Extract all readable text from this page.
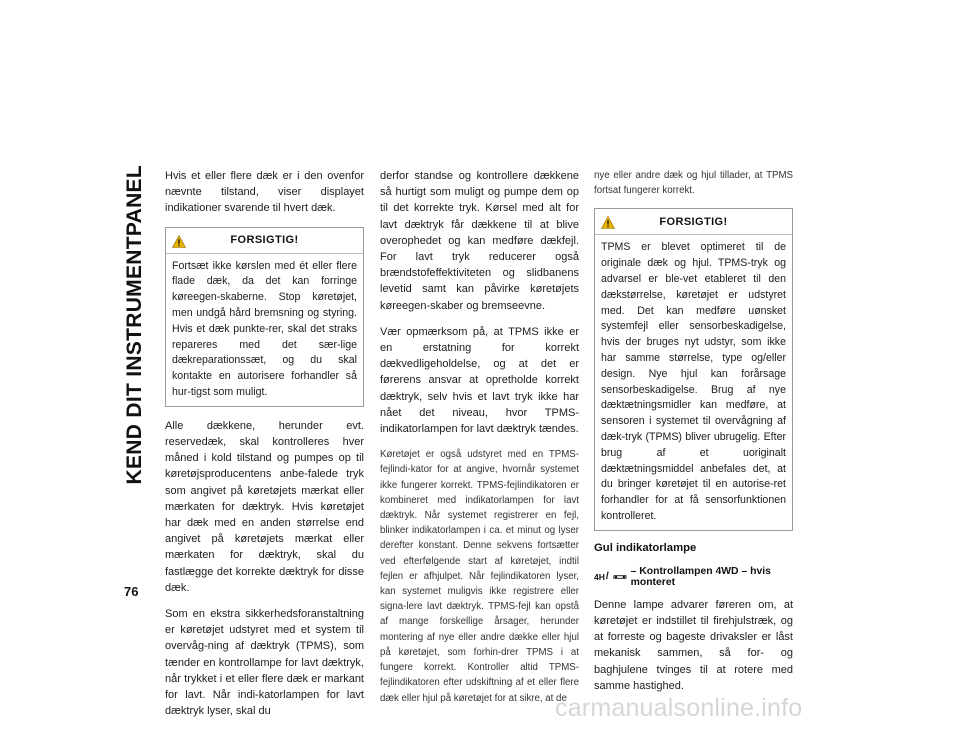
KEND DIT INSTRUMENTPANEL
76

Hvis et eller flere dæk er i den ovenfor nævnte tilstand, viser displayet indikationer svarende til hvert dæk.

FORSIGTIG!
Fortsæt ikke kørslen med ét eller flere flade dæk, da det kan forringe køreegen-skaberne. Stop køretøjet, men undgå hård bremsning og styring. Hvis et dæk punkte-rer, skal det straks repareres med det sær-lige dækreparationssæt, og du skal kontakte en autorisere forhandler så hur-tigst som muligt.

Alle dækkene, herunder evt. reservedæk, skal kontrolleres hver måned i kold tilstand og pumpes op til køretøjsproducentens anbe-falede tryk som angivet på køretøjets mærkat eller mærkaten for dæktryk. Hvis køretøjet har dæk med en anden størrelse end angivet på køretøjets mærkat eller mærkaten for dæktryk, skal du fastlægge det korrekte dæktryk for disse dæk.

Som en ekstra sikkerhedsforanstaltning er køretøjet udstyret med et system til overvåg-ning af dæktryk (TPMS), som tænder en kontrollampe for lavt dæktryk, når trykket i et eller flere dæk er markant for lavt. Når indi-katorlampen for lavt dæktryk lyser, skal du

derfor standse og kontrollere dækkene så hurtigt som muligt og pumpe dem op til det korrekte tryk. Kørsel med alt for lavt dæktryk får dækkene til at blive overophedet og kan medføre dækfejl. For lavt tryk reducerer også brændstofeffektiviteten og slidbanens levetid samt kan påvirke køretøjets køreegen-skaber og bremseevne.

Vær opmærksom på, at TPMS ikke er en erstatning for korrekt dækvedligeholdelse, og at det er førerens ansvar at opretholde korrekt dæktryk, selv hvis et lavt tryk ikke har nået det niveau, hvor TPMS-indikatorlampen for lavt dæktryk tændes.

Køretøjet er også udstyret med en TPMS-fejlindi-kator for at angive, hvornår systemet ikke fungerer korrekt. TPMS-fejlindikatoren er kombineret med indikatorlampen for lavt dæktryk. Når systemet registrerer en fejl, blinker indikatorlampen i ca. et minut og lyser derefter konstant. Denne sekvens fortsætter ved efterfølgende start af køretøjet, indtil fejlen er afhjulpet. Når fejlindikatoren lyser, kan systemet muligvis ikke registrere eller signa-lere lavt dæktryk. TPMS-fejl kan opstå af mange forskellige årsager, herunder montering af nye eller andre dække eller hjul på køretøjet, som forhin-drer TPMS i at fungere korrekt. Kontroller altid TPMS-fejlindikatoren efter udskiftning af et eller flere dæk eller hjul på køretøjet for at sikre, at de

nye eller andre dæk og hjul tillader, at TPMS fortsat fungerer korrekt.

FORSIGTIG!
TPMS er blevet optimeret til de originale dæk og hjul. TPMS-tryk og advarsel er ble-vet etableret til den dækstørrelse, køretøjet er udstyret med. Det kan medføre uønsket systemfejl eller sensorbeskadigelse, hvis der bruges nyt udstyr, som ikke har samme størrelse, type og/eller design. Nye hjul kan forårsage sensorbeskadigelse. Brug af nye dæktætningsmidler kan medføre, at sensoren i systemet til overvågning af dæk-tryk (TPMS) bliver ubrugelig. Efter brug af et uoriginalt dæktætningsmiddel anbefales det, at du bringer køretøjet til en autorise-ret forhandler for at få sensorfunktionen kontrolleret.
Gul indikatorlampe
4H / – Kontrollampen 4WD – hvis monteret

Denne lampe advarer føreren om, at køretøjet er indstillet til firehjulstræk, og at forreste og bageste drivaksler er låst mekanisk sammen, så for- og baghjulene tvinges til at rotere med samme hastighed.

carmanualsonline.info
